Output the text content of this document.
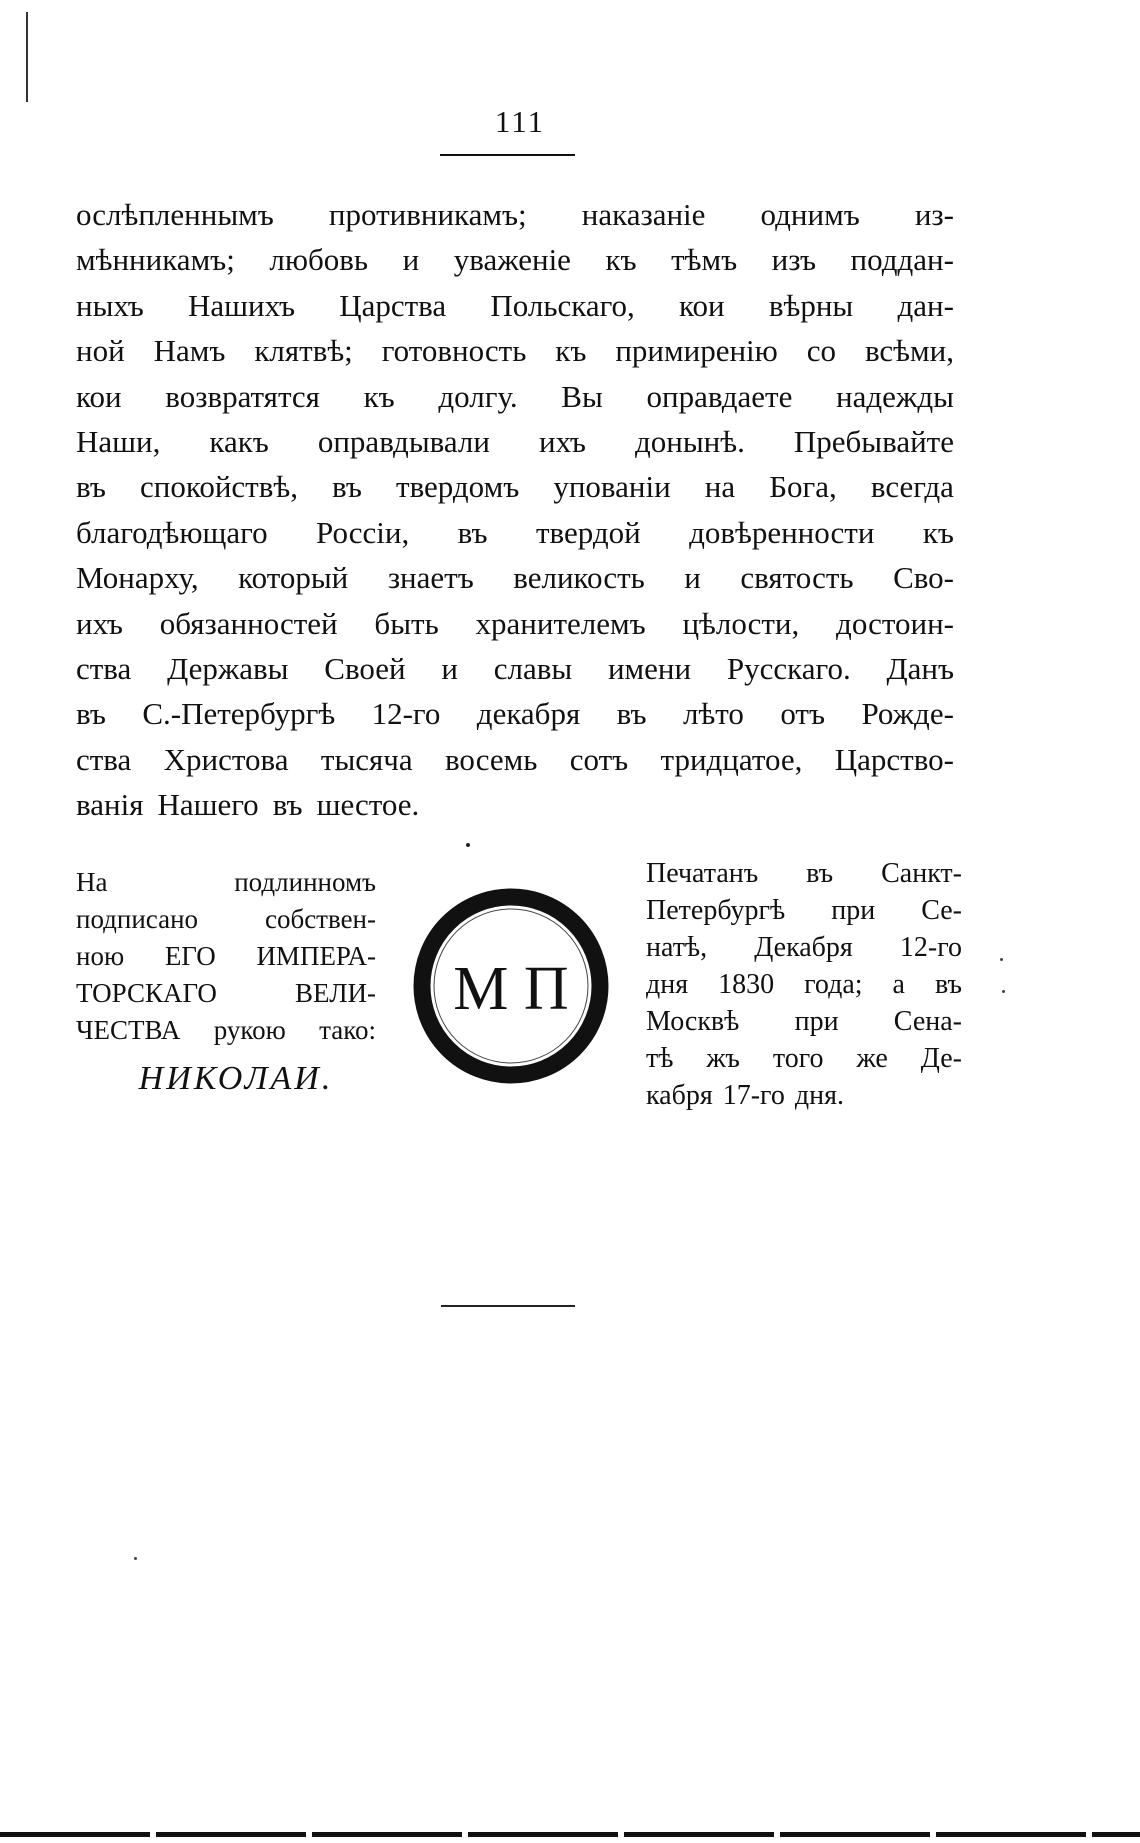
111
ослѣпленнымъ противникамъ; наказаніе однимъ из-
мѣнникамъ; любовь и уваженіе къ тѣмъ изъ поддан-
ныхъ Нашихъ Царства Польскаго, кои вѣрны дан-
ной Намъ клятвѣ; готовность къ примиренію со всѣми,
кои возвратятся къ долгу. Вы оправдаете надежды
Наши, какъ оправдывали ихъ донынѣ. Пребывайте
въ спокойствѣ, въ твердомъ упованіи на Бога, всегда
благодѣющаго Россіи, въ твердой довѣренности къ
Монарху, который знаетъ великость и святость Сво-
ихъ обязанностей быть хранителемъ цѣлости, достоин-
ства Державы Своей и славы имени Русскаго. Данъ
въ С.-Петербургѣ 12-го декабря въ лѣто отъ Рожде-
ства Христова тысяча восемь сотъ тридцатое, Царство-
ванія Нашего въ шестое.
На	подлинномъ
подписано собствен-
ною ЕГО ИМПЕРА-
ТОРСКАГО	ВЕЛИ-
ЧЕСТВА рукою тако:
НИКОЛАИ.
М П
Печатанъ въ Санкт-
Петербургѣ при Се-
натѣ, Декабря 12-го
дня 1830 года; а въ
Москвѣ при Сена-
тѣ жъ того же Де-
кабря 17-го дня.
